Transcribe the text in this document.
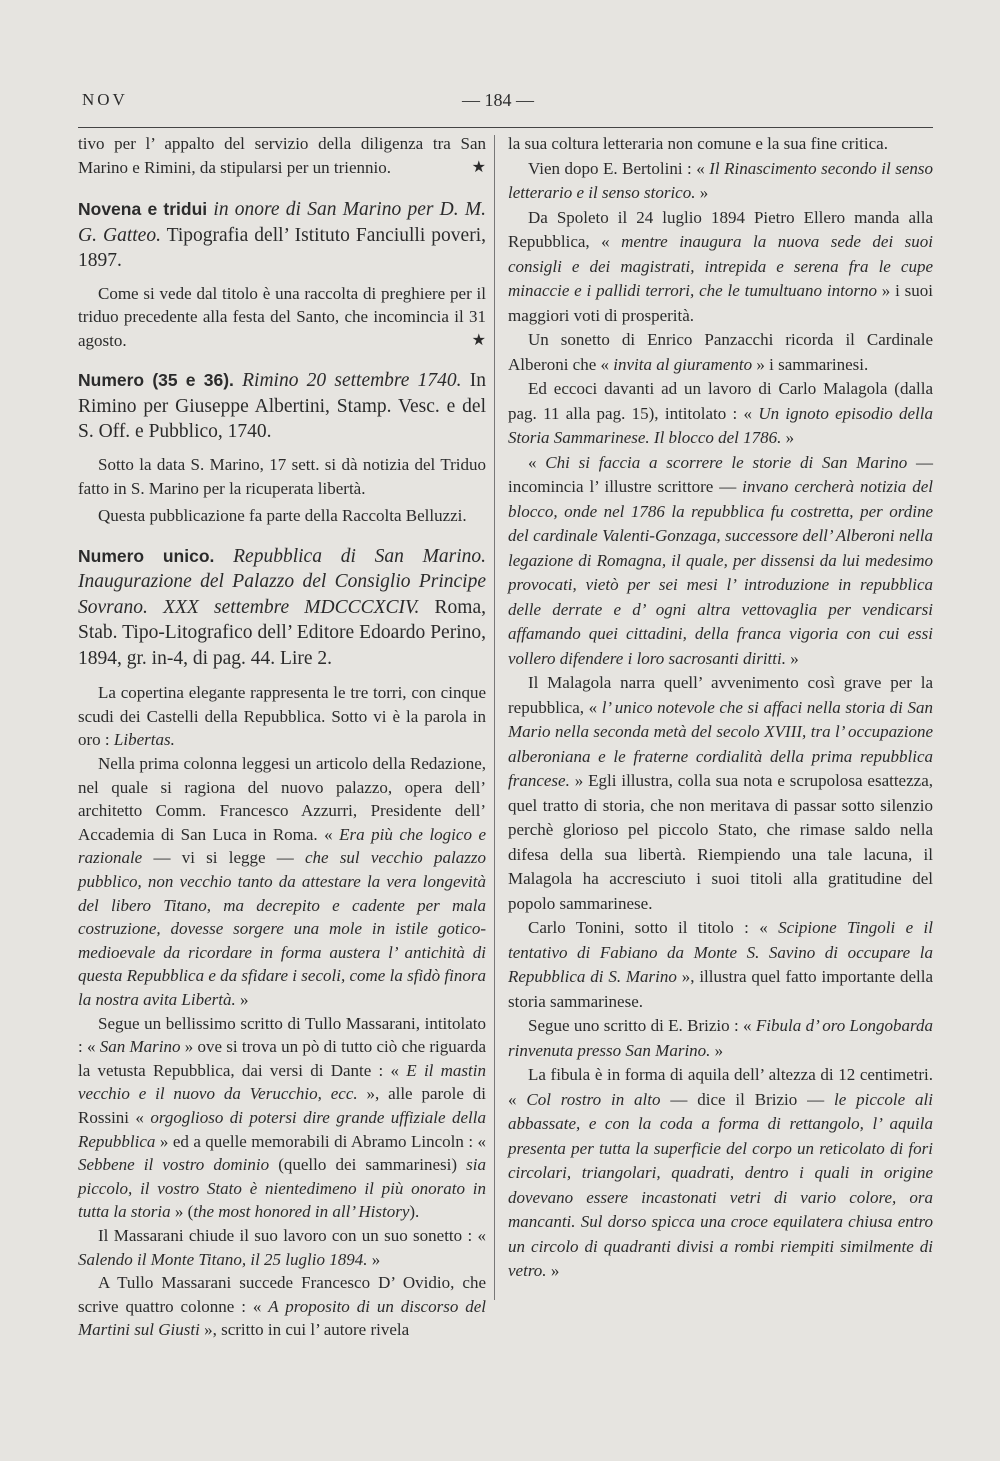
NOV	— 184 —

tivo per l’ appalto del servizio della diligenza tra San Marino e Rimini, da stipularsi per un triennio.	★

Novena e tridui in onore di San Marino per D. M. G. Gatteo. Tipografia dell’ Istituto Fanciulli poveri, 1897.

Come si vede dal titolo è una raccolta di preghiere per il triduo precedente alla festa del Santo, che incomincia il 31 agosto.	★

Numero (35 e 36). Rimino 20 settembre 1740. In Rimino per Giuseppe Albertini, Stamp. Vesc. e del S. Off. e Pubblico, 1740.

Sotto la data S. Marino, 17 sett. si dà notizia del Triduo fatto in S. Marino per la ricuperata libertà.

Questa pubblicazione fa parte della Raccolta Belluzzi.

Numero unico. Repubblica di San Marino. Inaugurazione del Palazzo del Consiglio Principe Sovrano. XXX settembre MDCCCXCIV. Roma, Stab. Tipo-Litografico dell’ Editore Edoardo Perino, 1894, gr. in-4, di pag. 44. Lire 2.

La copertina elegante rappresenta le tre torri, con cinque scudi dei Castelli della Repubblica. Sotto vi è la parola in oro : Libertas.

Nella prima colonna leggesi un articolo della Redazione, nel quale si ragiona del nuovo palazzo, opera dell’ architetto Comm. Francesco Azzurri, Presidente dell’ Accademia di San Luca in Roma. « Era più che logico e razionale — vi si legge — che sul vecchio palazzo pubblico, non vecchio tanto da attestare la vera longevità del libero Titano, ma decrepito e cadente per mala costruzione, dovesse sorgere una mole in istile gotico-medioevale da ricordare in forma austera l’ antichità di questa Repubblica e da sfidare i secoli, come la sfidò finora la nostra avita Libertà. »

Segue un bellissimo scritto di Tullo Massarani, intitolato : « San Marino » ove si trova un pò di tutto ciò che riguarda la vetusta Repubblica, dai versi di Dante : « E il mastin vecchio e il nuovo da Verucchio, ecc. », alle parole di Rossini « orgoglioso di potersi dire grande uffiziale della Repubblica » ed a quelle memorabili di Abramo Lincoln : « Sebbene il vostro dominio (quello dei sammarinesi) sia piccolo, il vostro Stato è nientedimeno il più onorato in tutta la storia » (the most honored in all’ History).

Il Massarani chiude il suo lavoro con un suo sonetto : « Salendo il Monte Titano, il 25 luglio 1894. »

A Tullo Massarani succede Francesco D’ Ovidio, che scrive quattro colonne : « A proposito di un discorso del Martini sul Giusti », scritto in cui l’ autore rivela

la sua coltura letteraria non comune e la sua fine critica.

Vien dopo E. Bertolini : « Il Rinascimento secondo il senso letterario e il senso storico. »

Da Spoleto il 24 luglio 1894 Pietro Ellero manda alla Repubblica, « mentre inaugura la nuova sede dei suoi consigli e dei magistrati, intrepida e serena fra le cupe minaccie e i pallidi terrori, che le tumultuano intorno » i suoi maggiori voti di prosperità.

Un sonetto di Enrico Panzacchi ricorda il Cardinale Alberoni che « invita al giuramento » i sammarinesi.

Ed eccoci davanti ad un lavoro di Carlo Malagola (dalla pag. 11 alla pag. 15), intitolato : « Un ignoto episodio della Storia Sammarinese. Il blocco del 1786. »

« Chi si faccia a scorrere le storie di San Marino — incomincia l’ illustre scrittore — invano cercherà notizia del blocco, onde nel 1786 la repubblica fu costretta, per ordine del cardinale Valenti-Gonzaga, successore dell’ Alberoni nella legazione di Romagna, il quale, per dissensi da lui medesimo provocati, vietò per sei mesi l’ introduzione in repubblica delle derrate e d’ ogni altra vettovaglia per vendicarsi affamando quei cittadini, della franca vigoria con cui essi vollero difendere i loro sacrosanti diritti. »

Il Malagola narra quell’ avvenimento così grave per la repubblica, « l’ unico notevole che si affaci nella storia di San Mario nella seconda metà del secolo XVIII, tra l’ occupazione alberoniana e le fraterne cordialità della prima repubblica francese. » Egli illustra, colla sua nota e scrupolosa esattezza, quel tratto di storia, che non meritava di passar sotto silenzio perchè glorioso pel piccolo Stato, che rimase saldo nella difesa della sua libertà. Riempiendo una tale lacuna, il Malagola ha accresciuto i suoi titoli alla gratitudine del popolo sammarinese.

Carlo Tonini, sotto il titolo : « Scipione Tingoli e il tentativo di Fabiano da Monte S. Savino di occupare la Repubblica di S. Marino », illustra quel fatto importante della storia sammarinese.

Segue uno scritto di E. Brizio : « Fibula d’ oro Longobarda rinvenuta presso San Marino. »

La fibula è in forma di aquila dell’ altezza di 12 centimetri. « Col rostro in alto — dice il Brizio — le piccole ali abbassate, e con la coda a forma di rettangolo, l’ aquila presenta per tutta la superficie del corpo un reticolato di fori circolari, triangolari, quadrati, dentro i quali in origine dovevano essere incastonati vetri di vario colore, ora mancanti. Sul dorso spicca una croce equilatera chiusa entro un circolo di quadranti divisi a rombi riempiti similmente di vetro. »
